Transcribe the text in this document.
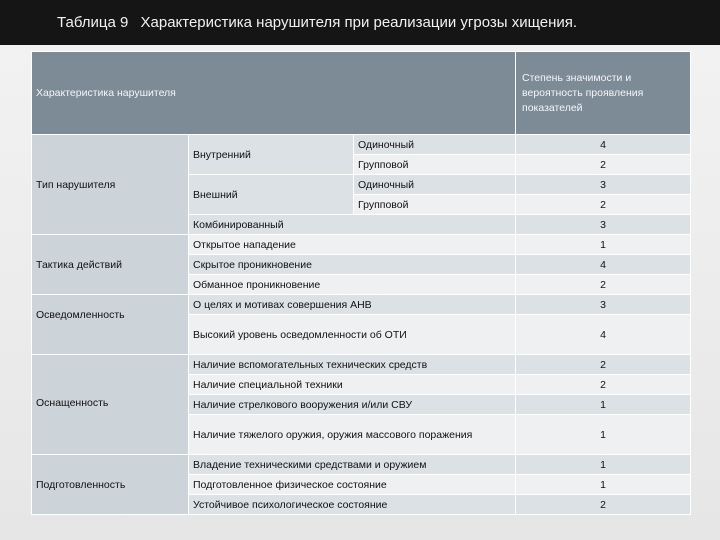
Таблица 9 Характеристика нарушителя при реализации угрозы хищения.
Характеристика нарушителя			Степень значимости и вероятность проявления показателей
Тип нарушителя	Внутренний	Одиночный	4
		Групповой	2
	Внешний	Одиночный	3
		Групповой	2
	Комбинированный		3
Тактика действий	Открытое нападение		1
	Скрытое проникновение		4
	Обманное проникновение		2
Осведомленность	О целях и мотивах совершения АНВ		3
	Высокий уровень осведомленности об ОТИ		4
Оснащенность	Наличие вспомогательных технических средств		2
	Наличие специальной техники		2
	Наличие стрелкового вооружения и/или СВУ		1
	Наличие тяжелого оружия, оружия массового поражения		1
Подготовленность	Владение техническими средствами и оружием		1
	Подготовленное физическое состояние		1
	Устойчивое психологическое состояние		2
